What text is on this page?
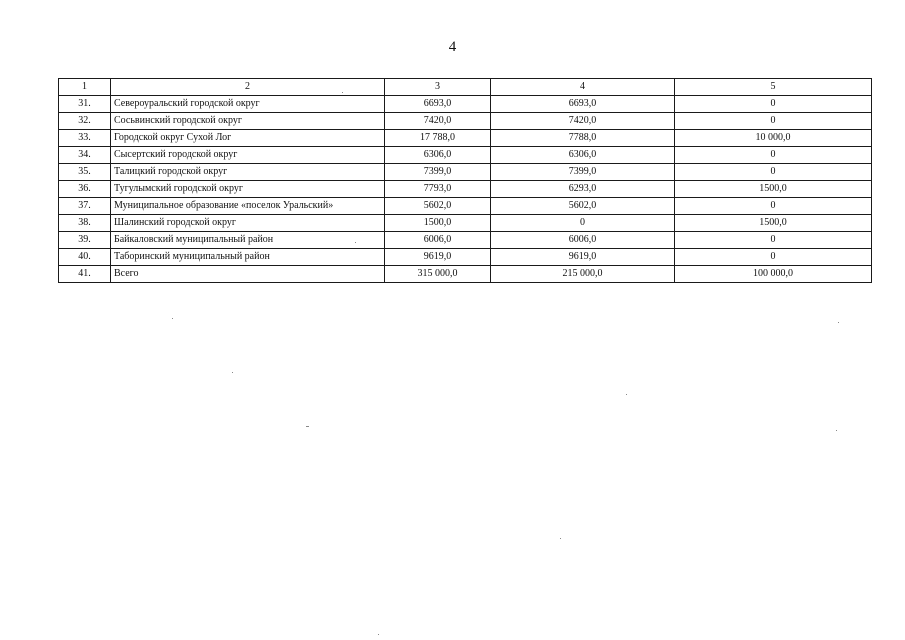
4
1	2	3	4	5
31.	Североуральский городской округ	6693,0	6693,0	0
32.	Сосьвинский городской округ	7420,0	7420,0	0
33.	Городской округ Сухой Лог	17 788,0	7788,0	10 000,0
34.	Сысертский городской округ	6306,0	6306,0	0
35.	Талицкий городской округ	7399,0	7399,0	0
36.	Тугулымский городской округ	7793,0	6293,0	1500,0
37.	Муниципальное образование «поселок Уральский»	5602,0	5602,0	0
38.	Шалинский городской округ	1500,0	0	1500,0
39.	Байкаловский муниципальный район	6006,0	6006,0	0
40.	Таборинский муниципальный район	9619,0	9619,0	0
41.	Всего	315 000,0	215 000,0	100 000,0
